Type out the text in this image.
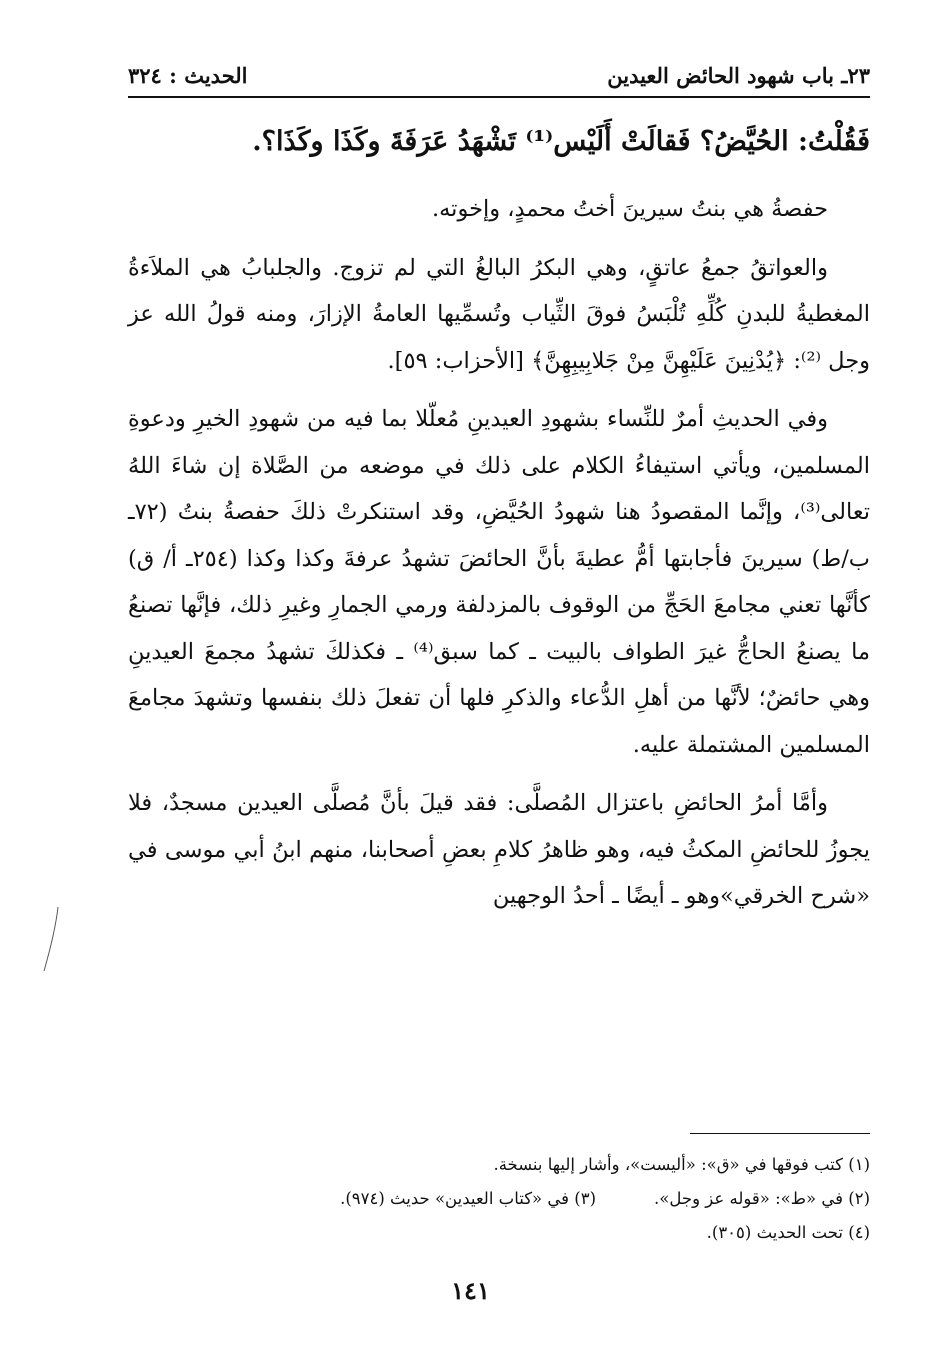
الحديث : ٣٢٤	٢٣ـ باب شهود الحائض العيدين
فَقُلْتُ: الحُيَّضُ؟ فَقالَتْ أَلَيْس⁽¹⁾ تَشْهَدُ عَرَفَةَ وكَذَا وكَذَا؟.

حفصةُ هي بنتُ سيرينَ أختُ محمدٍ، وإخوته.

والعواتقُ جمعُ عاتقٍ، وهي البكرُ البالغُ التي لم تزوج. والجلبابُ هي الملاَءةُ المغطيةُ للبدنِ كُلِّهِ تُلْبَسُ فوقَ الثِّياب وتُسمِّيها العامةُ الإزارَ، ومنه قولُ الله عز وجل ⁽²⁾: ﴿يُدْنِينَ عَلَيْهِنَّ مِنْ جَلابِيبِهِنَّ﴾ [الأحزاب: ٥٩].

وفي الحديثِ أمرٌ للنِّساء بشهودِ العيدينِ مُعلّلا بما فيه من شهودِ الخيرِ ودعوةِ المسلمين، ويأتي استيفاءُ الكلام على ذلك في موضعه من الصَّلاة إن شاءَ اللهُ تعالى⁽³⁾، وإنَّما المقصودُ هنا شهودُ الحُيَّضِ، وقد استنكرتْ ذلكَ حفصةُ بنتُ (٧٢ـ ب/ط) سيرينَ فأجابتها أمُّ عطيةَ بأنَّ الحائضَ تشهدُ عرفةَ وكذا وكذا (٢٥٤ـ أ/ ق) كأنَّها تعني مجامعَ الحَجِّ من الوقوف بالمزدلفة ورمي الجمارِ وغيرِ ذلك، فإنَّها تصنعُ ما يصنعُ الحاجُّ غيرَ الطواف بالبيت ـ كما سبق⁽⁴⁾ ـ فكذلكَ تشهدُ مجمعَ العيدينِ وهي حائضٌ؛ لأنَّها من أهلِ الدُّعاء والذكرِ فلها أن تفعلَ ذلك بنفسها وتشهدَ مجامعَ المسلمين المشتملة عليه.

وأمَّا أمرُ الحائضِ باعتزال المُصلَّى: فقد قيلَ بأنَّ مُصلَّى العيدين مسجدٌ، فلا يجوزُ للحائضِ المكثُ فيه، وهو ظاهرُ كلامِ بعضِ أصحابنا، منهم ابنُ أبي موسى في «شرح الخرقي»وهو ـ أيضًا ـ أحدُ الوجهين

(١) كتب فوقها في «ق»: «أليست»، وأشار إليها بنسخة.
(٢) في «ط»: «قوله عز وجل».
(٣) في «كتاب العيدين» حديث (٩٧٤).
(٤) تحت الحديث (٣٠٥).
١٤١
